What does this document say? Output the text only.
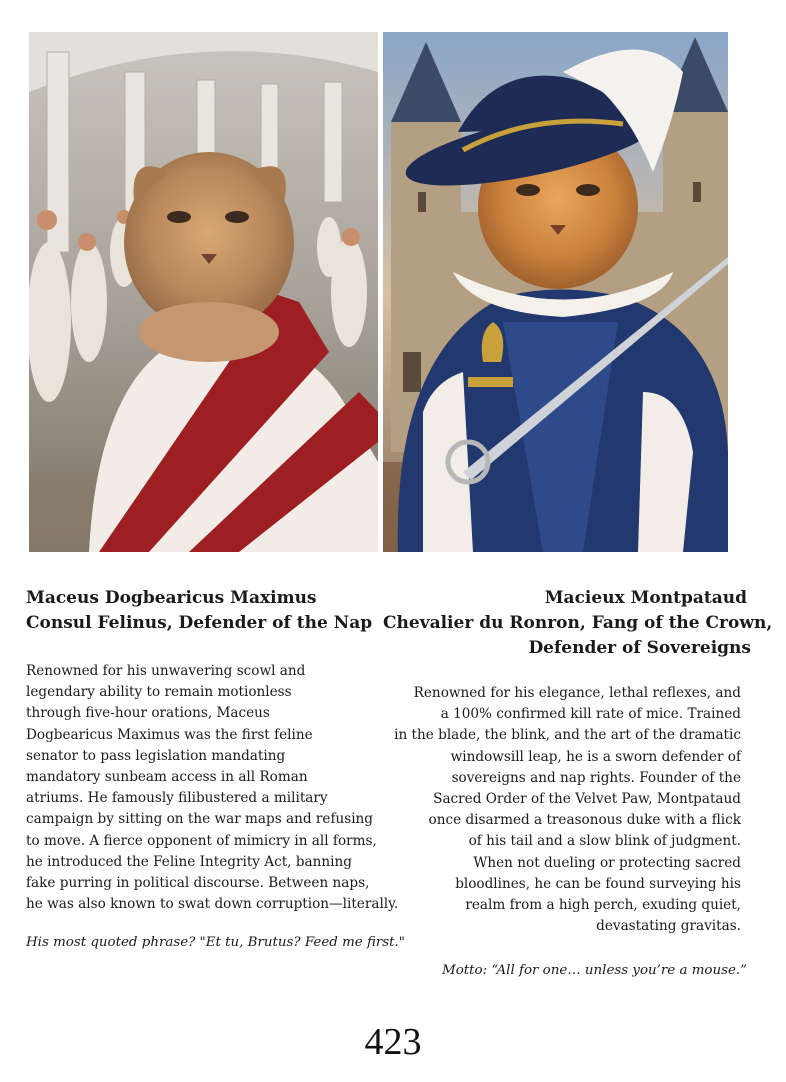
Maceus Dogbearicus Maximus
Consul Felinus, Defender of the Nap
Renowned for his unwavering scowl and
legendary ability to remain motionless
through five-hour orations, Maceus
Dogbearicus Maximus was the first feline
senator to pass legislation mandating
mandatory sunbeam access in all Roman
atriums. He famously filibustered a military
campaign by sitting on the war maps and refusing
to move. A fierce opponent of mimicry in all forms,
he introduced the Feline Integrity Act, banning
fake purring in political discourse. Between naps,
he was also known to swat down corruption—literally.
His most quoted phrase? "Et tu, Brutus? Feed me first."
Macieux Montpataud
Chevalier du Ronron, Fang of the Crown,
Defender of Sovereigns
Renowned for his elegance, lethal reflexes, and
a 100% confirmed kill rate of mice. Trained
in the blade, the blink, and the art of the dramatic
windowsill leap, he is a sworn defender of
sovereigns and nap rights. Founder of the
Sacred Order of the Velvet Paw, Montpataud
once disarmed a treasonous duke with a flick
of his tail and a slow blink of judgment.
When not dueling or protecting sacred
bloodlines, he can be found surveying his
realm from a high perch, exuding quiet,
devastating gravitas.
Motto: “All for one… unless you’re a mouse.”
423
